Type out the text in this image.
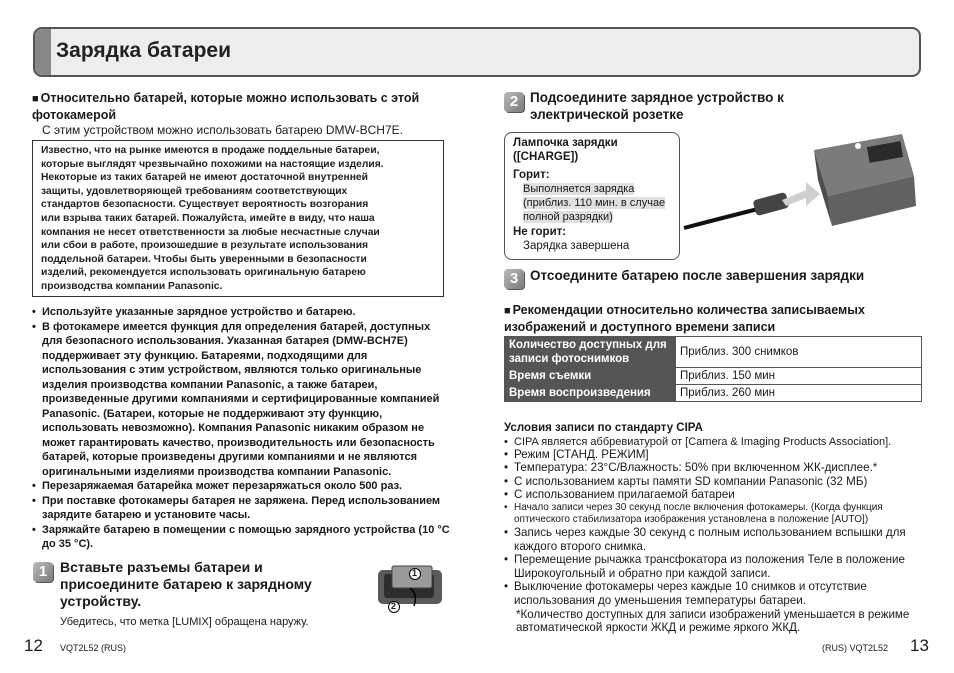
Зарядка батареи
■ Относительно батарей, которые можно использовать с этой фотокамерой
С этим устройством можно использовать батарею DMW-BCH7E.
Известно, что на рынке имеются в продаже поддельные батареи,
которые выглядят чрезвычайно похожими на настоящие изделия.
Некоторые из таких батарей не имеют достаточной внутренней
защиты, удовлетворяющей требованиям соответствующих
стандартов безопасности. Существует вероятность возгорания
или взрыва таких батарей. Пожалуйста, имейте в виду, что наша
компания не несет ответственности за любые несчастные случаи
или сбои в работе, произошедшие в результате использования
поддельной батареи. Чтобы быть уверенными в безопасности
изделий, рекомендуется использовать оригинальную батарею
производства компании Panasonic.
• Используйте указанные зарядное устройство и батарею.
• В фотокамере имеется функция для определения батарей, доступных для безопасного использования. Указанная батарея (DMW-BCH7E) поддерживает эту функцию. Батареями, подходящими для использования с этим устройством, являются только оригинальные изделия производства компании Panasonic, а также батареи, произведенные другими компаниями и сертифицированные компанией Panasonic. (Батареи, которые не поддерживают эту функцию, использовать невозможно). Компания Panasonic никаким образом не может гарантировать качество, производительность или безопасность батарей, которые произведены другими компаниями и не являются оригинальными изделиями производства компании Panasonic.
• Перезаряжаемая батарейка может перезаряжаться около 500 раз.
• При поставке фотокамеры батарея не заряжена. Перед использованием зарядите батарею и установите часы.
• Заряжайте батарею в помещении с помощью зарядного устройства (10 °C до 35 °C).
1 Вставьте разъемы батареи и присоедините батарею к зарядному устройству.
Убедитесь, что метка [LUMIX] обращена наружу.
1
2
12 VQT2L52 (RUS)
2 Подсоедините зарядное устройство к электрической розетке
Лампочка зарядки ([CHARGE])
Горит:
Выполняется зарядка (приблиз. 110 мин. в случае полной разрядки)
Не горит:
Зарядка завершена
3 Отсоедините батарею после завершения зарядки
■ Рекомендации относительно количества записываемых изображений и доступного времени записи
Количество доступных для записи фотоснимков	Приблиз. 300 снимков
Время съемки	Приблиз. 150 мин
Время воспроизведения	Приблиз. 260 мин
Условия записи по стандарту CIPA
• CIPA является аббревиатурой от [Camera & Imaging Products Association].
• Режим [СТАНД. РЕЖИМ]
• Температура: 23°C/Влажность: 50% при включенном ЖК-дисплее.*
• С использованием карты памяти SD компании Panasonic (32 МБ)
• С использованием прилагаемой батареи
• Начало записи через 30 секунд после включения фотокамеры. (Когда функция оптического стабилизатора изображения установлена в положение [AUTO])
• Запись через каждые 30 секунд с полным использованием вспышки для каждого второго снимка.
• Перемещение рычажка трансфокатора из положения Теле в положение Широкоугольный и обратно при каждой записи.
• Выключение фотокамеры через каждые 10 снимков и отсутствие использования до уменьшения температуры батареи.
*Количество доступных для записи изображений уменьшается в режиме автоматической яркости ЖКД и режиме яркого ЖКД.
(RUS) VQT2L52 13
